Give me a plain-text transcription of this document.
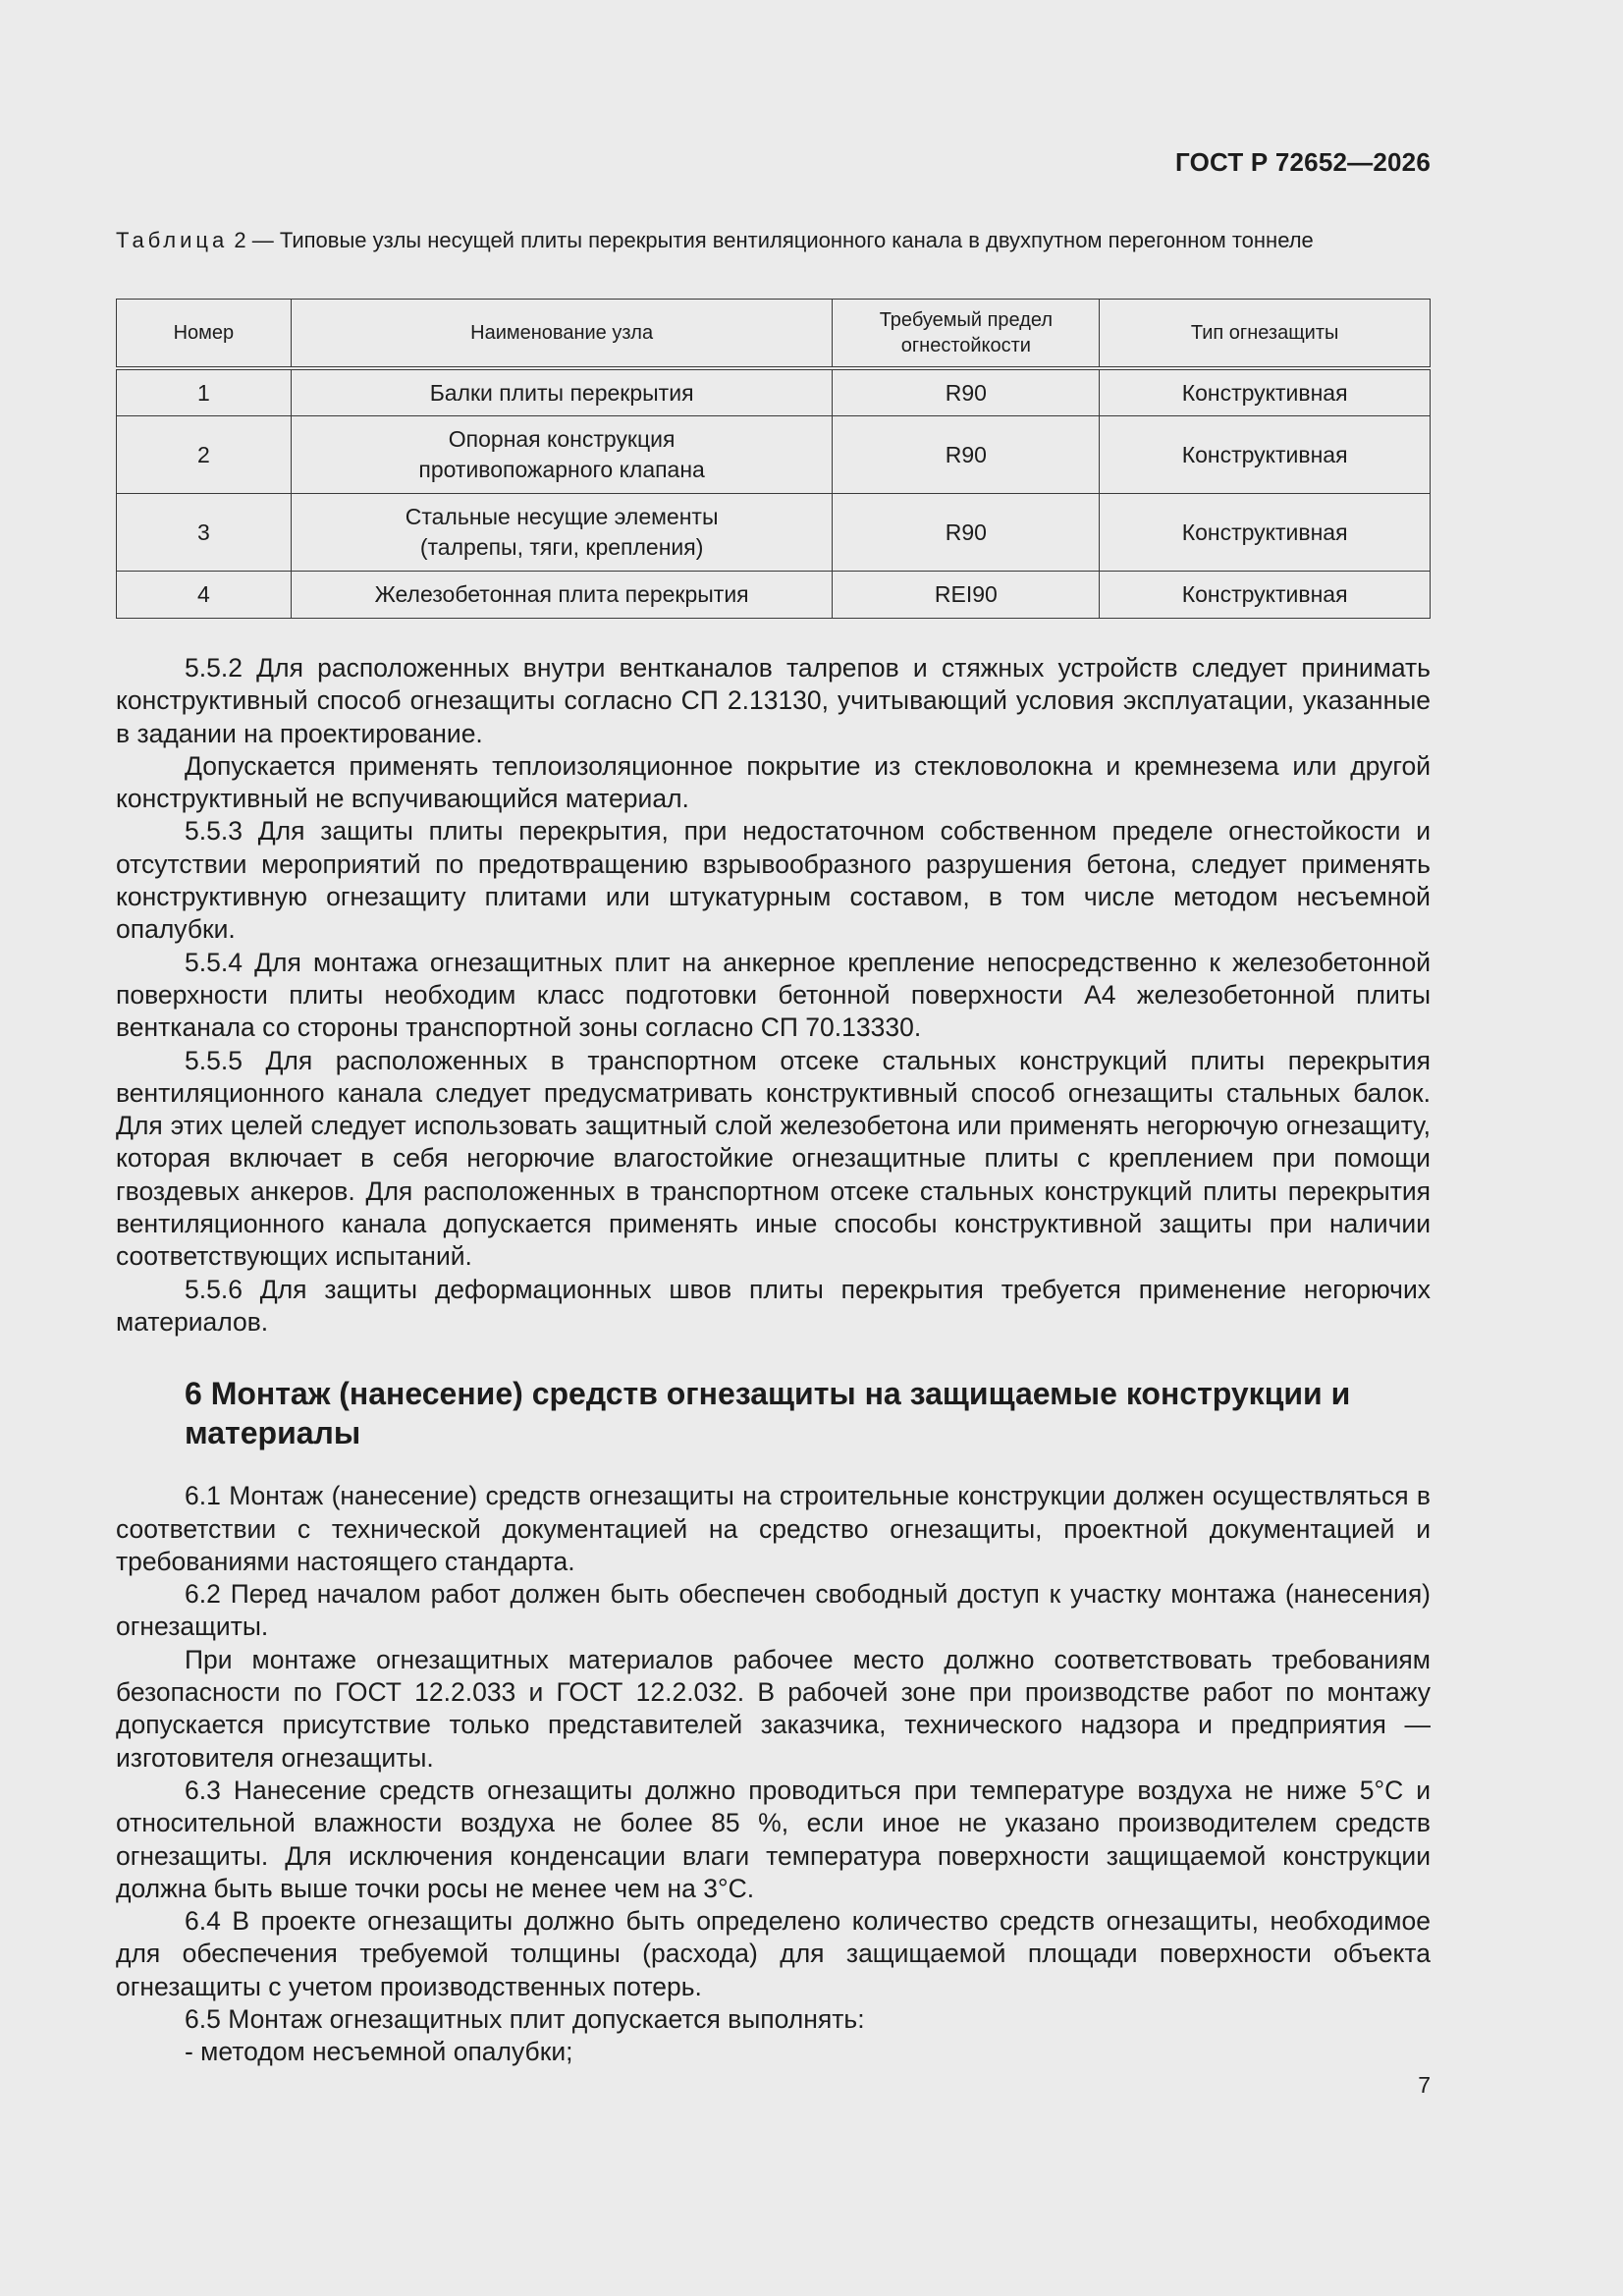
ГОСТ Р 72652—2026
Таблица 2 — Типовые узлы несущей плиты перекрытия вентиляционного канала в двухпутном перегонном тоннеле
Номер	Наименование узла	Требуемый предел огнестойкости	Тип огнезащиты
1	Балки плиты перекрытия	R90	Конструктивная
2	Опорная конструкция противопожарного клапана	R90	Конструктивная
3	Стальные несущие элементы (талрепы, тяги, крепления)	R90	Конструктивная
4	Железобетонная плита перекрытия	REI90	Конструктивная

5.5.2 Для расположенных внутри вентканалов талрепов и стяжных устройств следует принимать конструктивный способ огнезащиты согласно СП 2.13130, учитывающий условия эксплуатации, указанные в задании на проектирование.

Допускается применять теплоизоляционное покрытие из стекловолокна и кремнезема или другой конструктивный не вспучивающийся материал.

5.5.3 Для защиты плиты перекрытия, при недостаточном собственном пределе огнестойкости и отсутствии мероприятий по предотвращению взрывообразного разрушения бетона, следует применять конструктивную огнезащиту плитами или штукатурным составом, в том числе методом несъемной опалубки.

5.5.4 Для монтажа огнезащитных плит на анкерное крепление непосредственно к железобетонной поверхности плиты необходим класс подготовки бетонной поверхности А4 железобетонной плиты вентканала со стороны транспортной зоны согласно СП 70.13330.

5.5.5 Для расположенных в транспортном отсеке стальных конструкций плиты перекрытия вентиляционного канала следует предусматривать конструктивный способ огнезащиты стальных балок. Для этих целей следует использовать защитный слой железобетона или применять негорючую огнезащиту, которая включает в себя негорючие влагостойкие огнезащитные плиты с креплением при помощи гвоздевых анкеров. Для расположенных в транспортном отсеке стальных конструкций плиты перекрытия вентиляционного канала допускается применять иные способы конструктивной защиты при наличии соответствующих испытаний.

5.5.6 Для защиты деформационных швов плиты перекрытия требуется применение негорючих материалов.

6 Монтаж (нанесение) средств огнезащиты на защищаемые конструкции и материалы

6.1 Монтаж (нанесение) средств огнезащиты на строительные конструкции должен осуществляться в соответствии с технической документацией на средство огнезащиты, проектной документацией и требованиями настоящего стандарта.

6.2 Перед началом работ должен быть обеспечен свободный доступ к участку монтажа (нанесения) огнезащиты.

При монтаже огнезащитных материалов рабочее место должно соответствовать требованиям безопасности по ГОСТ 12.2.033 и ГОСТ 12.2.032. В рабочей зоне при производстве работ по монтажу допускается присутствие только представителей заказчика, технического надзора и предприятия — изготовителя огнезащиты.

6.3 Нанесение средств огнезащиты должно проводиться при температуре воздуха не ниже 5°С и относительной влажности воздуха не более 85 %, если иное не указано производителем средств огнезащиты. Для исключения конденсации влаги температура поверхности защищаемой конструкции должна быть выше точки росы не менее чем на 3°С.

6.4 В проекте огнезащиты должно быть определено количество средств огнезащиты, необходимое для обеспечения требуемой толщины (расхода) для защищаемой площади поверхности объекта огнезащиты с учетом производственных потерь.

6.5 Монтаж огнезащитных плит допускается выполнять:

- методом несъемной опалубки;

7
